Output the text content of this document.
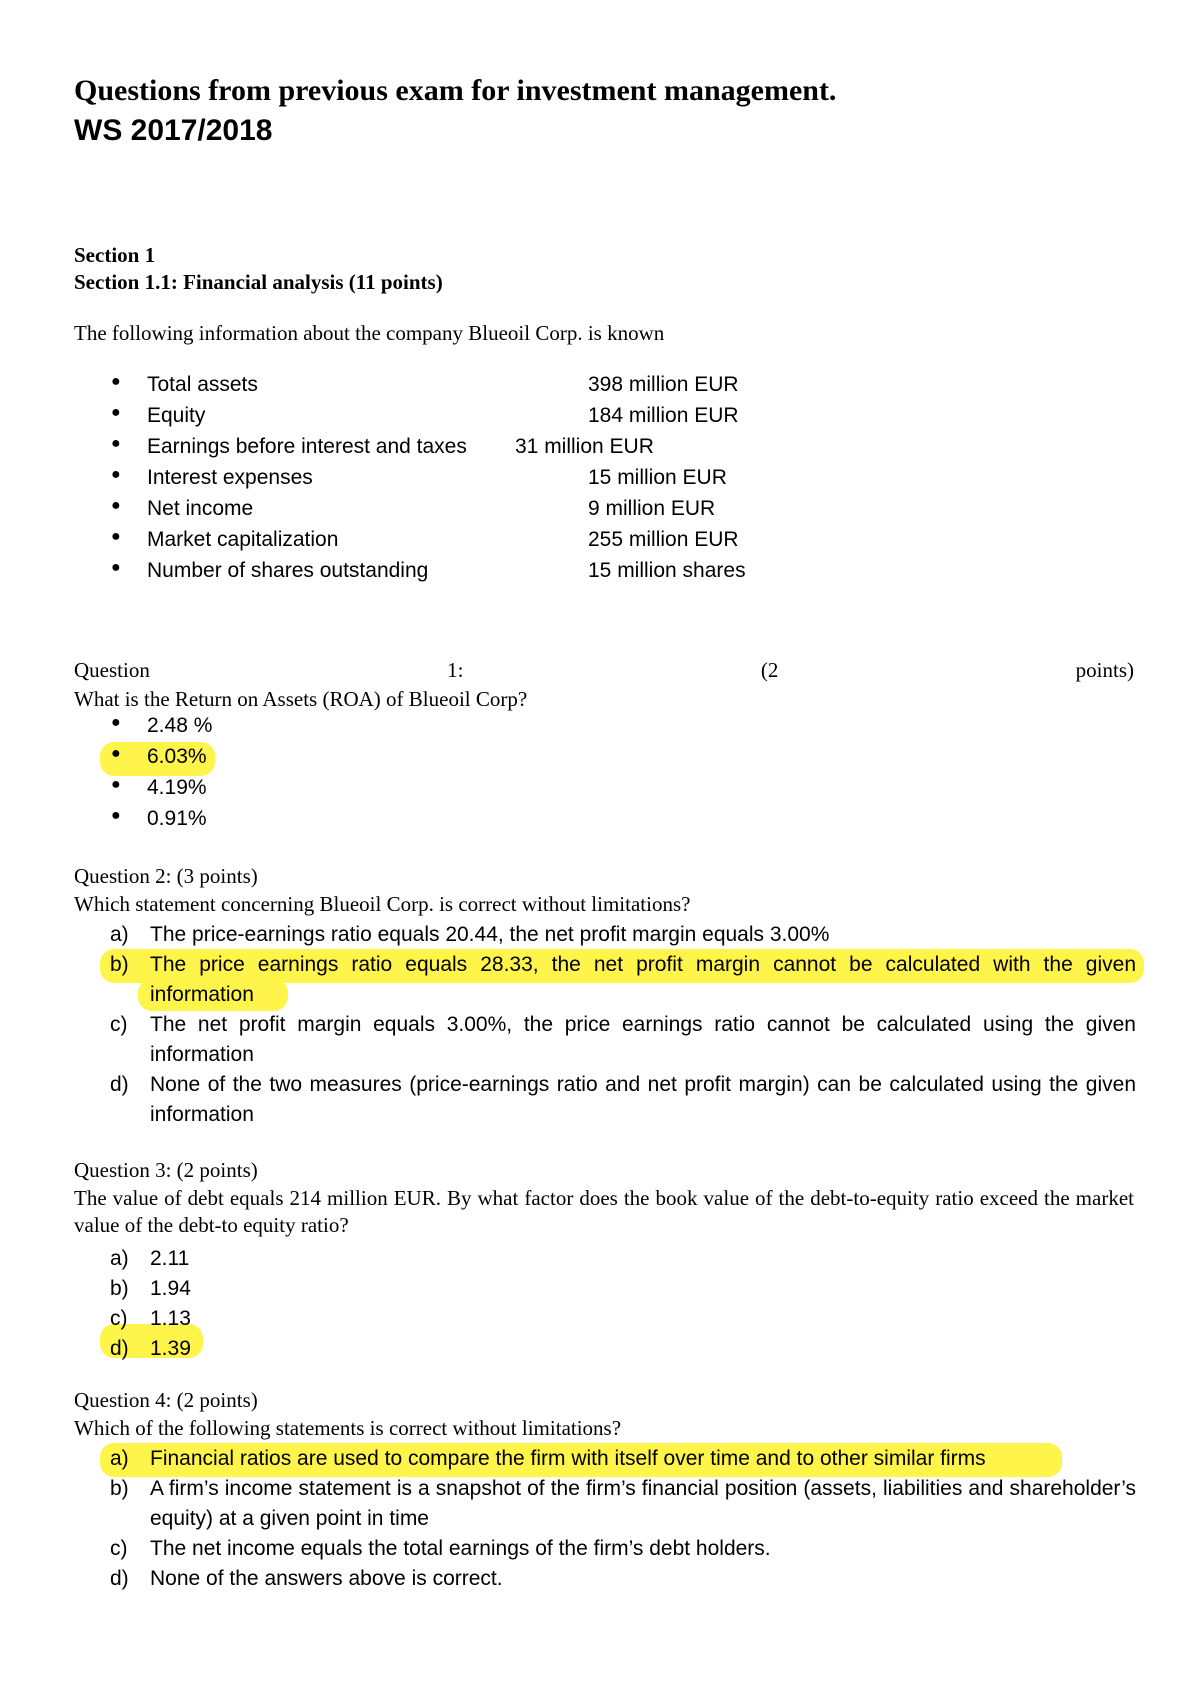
Questions from previous exam for investment management.
WS 2017/2018
Section 1
Section 1.1: Financial analysis (11 points)
The following information about the company Blueoil Corp. is known
● Total assets	398 million EUR
● Equity	184 million EUR
● Earnings before interest and taxes 31 million EUR
● Interest expenses	15 million EUR
● Net income	9 million EUR
● Market capitalization	255 million EUR
● Number of shares outstanding	15 million shares
Question	1:	(2	points)
What is the Return on Assets (ROA) of Blueoil Corp?
● 2.48 %
● 6.03%
● 4.19%
● 0.91%
Question 2: (3 points)
Which statement concerning Blueoil Corp. is correct without limitations?
a) The price-earnings ratio equals 20.44, the net profit margin equals 3.00%
b) The price earnings ratio equals 28.33, the net profit margin cannot be calculated with the given information
c) The net profit margin equals 3.00%, the price earnings ratio cannot be calculated using the given information
d) None of the two measures (price-earnings ratio and net profit margin) can be calculated using the given information
Question 3: (2 points)
The value of debt equals 214 million EUR. By what factor does the book value of the debt-to-equity ratio exceed the market value of the debt-to equity ratio?
a) 2.11
b) 1.94
c) 1.13
d) 1.39
Question 4: (2 points)
Which of the following statements is correct without limitations?
a) Financial ratios are used to compare the firm with itself over time and to other similar firms
b) A firm’s income statement is a snapshot of the firm’s financial position (assets, liabilities and shareholder’s equity) at a given point in time
c) The net income equals the total earnings of the firm’s debt holders.
d) None of the answers above is correct.
